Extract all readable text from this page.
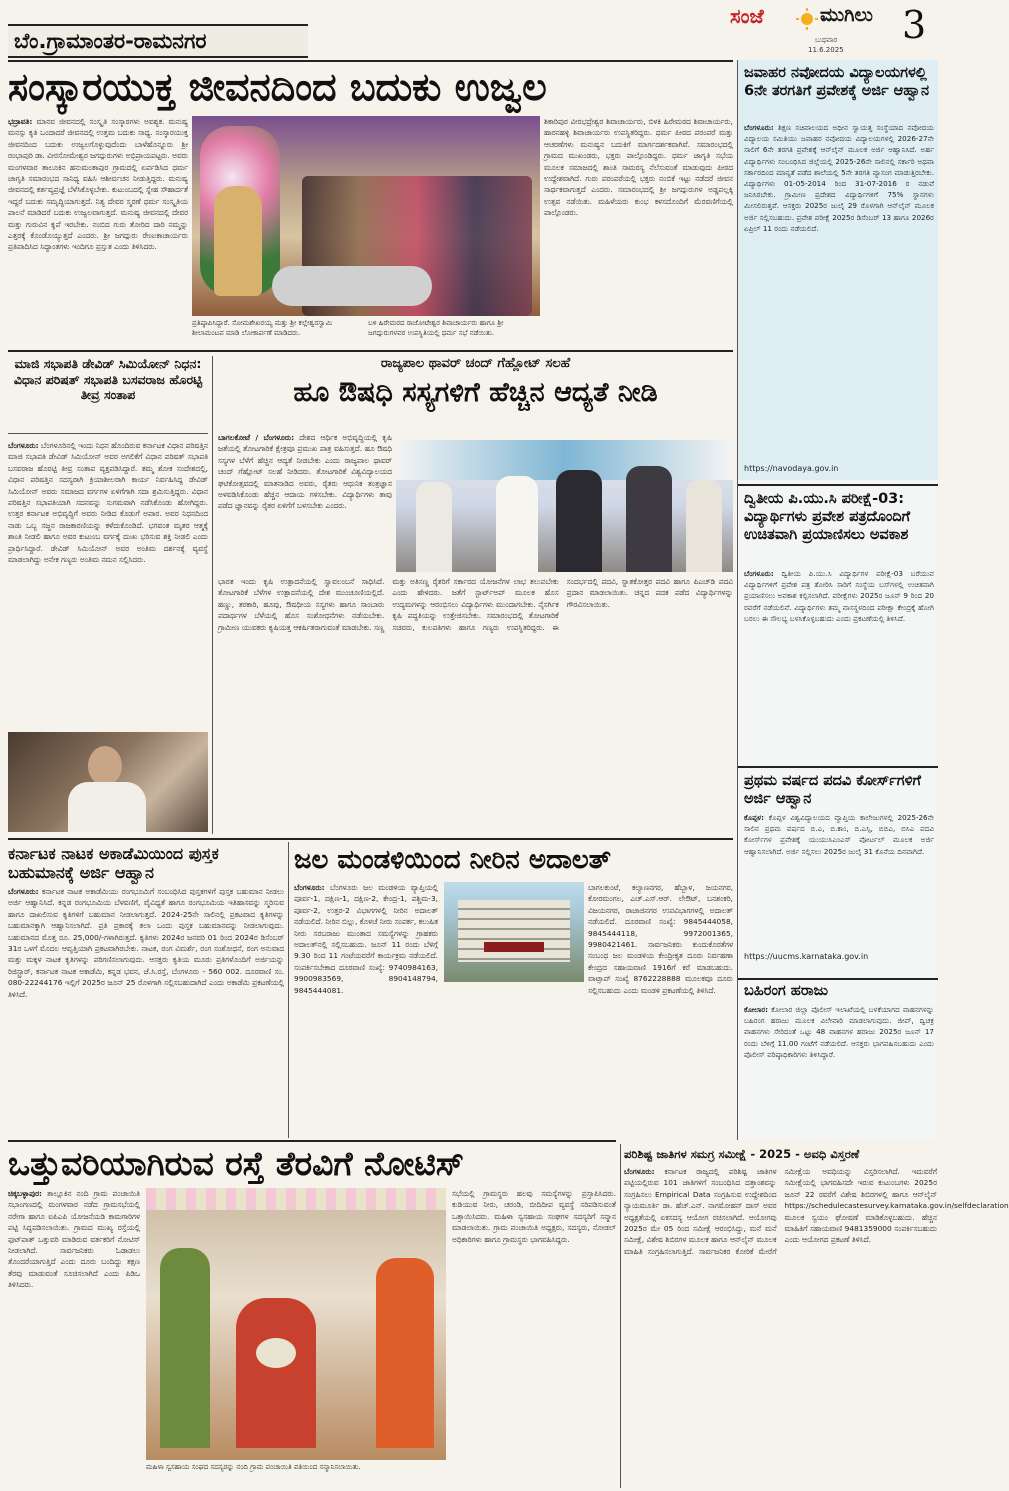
ಬೆಂ.ಗ್ರಾಮಾಂತರ-ರಾಮನಗರ
ಸಂಜೆ	ಮುಗಿಲು
ಬುಧವಾರ
11.6.2025
3
ಸಂಸ್ಕಾರಯುಕ್ತ ಜೀವನದಿಂದ ಬದುಕು ಉಜ್ವಲ
ಭದ್ರಾವತಿ: ಮಾನವ ಜೀವನದಲ್ಲಿ ಸಂಸ್ಕೃತಿ ಸಂಸ್ಕಾರಗಳು ಅವಶ್ಯಕ. ಮನುಷ್ಯ ಮನಸ್ಸು ಕೃತಿ ಒಂದಾದರೆ ಜೀವನದಲ್ಲಿ ಉತ್ತಮ ಬದುಕು ಸಾಧ್ಯ. ಸಂಸ್ಕಾರಯುಕ್ತ ಜೀವನದಿಂದ ಬದುಕು ಉಜ್ವಲಗೊಳ್ಳುವುದೆಂದು ಬಾಳೆಹೊನ್ನೂರು ಶ್ರೀ ರಂಭಾಪುರಿ ಡಾ. ವೀರಸೋಮೇಶ್ವರ ಜಗದ್ಗುರುಗಳು ಅಭಿಪ್ರಾಯಪಟ್ಟರು. ಅವರು ಮಂಗಳವಾರ ತಾಲೂಕಿನ ಹನುಮಂತಾಪುರ ಗ್ರಾಮದಲ್ಲಿ ಏರ್ಪಡಿಸಿದ ಧರ್ಮ ಜಾಗೃತಿ ಸಮಾರಂಭದ ಸಾನಿಧ್ಯ ವಹಿಸಿ ಆಶೀರ್ವಚನ ನೀಡುತ್ತಿದ್ದರು. ಮನುಷ್ಯ ಜೀವನದಲ್ಲಿ ಕರ್ತವ್ಯಪ್ರಜ್ಞೆ ಬೆಳೆಸಿಕೊಳ್ಳಬೇಕು. ಕುಟುಂಬದಲ್ಲಿ ಸ್ನೇಹ ಸೌಹಾರ್ದತೆ ಇದ್ದರೆ ಬದುಕು ಸಮೃದ್ಧಿಯಾಗುತ್ತದೆ. ನಿತ್ಯ ದೇವರ ಸ್ಮರಣೆ ಧರ್ಮ ಸಂಸ್ಕೃತಿಯ ಪಾಲನೆ ಮಾಡಿದರೆ ಬದುಕು ಉಜ್ವಲವಾಗುತ್ತದೆ. ಮನುಷ್ಯ ಜೀವನದಲ್ಲಿ ದೇವರ ಮತ್ತು ಗುರುವಿನ ಕೃಪೆ ಇರಬೇಕು. ನಂಬಿದ ಗುರು ತೋರಿದ ದಾರಿ ನಮ್ಮನ್ನು ಎತ್ತರಕ್ಕೆ ಕೊಂಡೊಯ್ಯುತ್ತದೆ ಎಂದರು. ಶ್ರೀ ಜಗದ್ಗುರು ರೇಣುಕಾಚಾರ್ಯರು ಪ್ರತಿಪಾದಿಸಿದ ಸಿದ್ಧಾಂತಗಳು ಇಂದಿಗೂ ಪ್ರಸ್ತುತ ಎಂದು ತಿಳಿಸಿದರು.
ಪ್ರತಿಷ್ಠಾಪಿಸಿದ್ದಾರೆ. ಸೋಮಶೇಖರಯ್ಯ ಮತ್ತು ಶ್ರೀ ಕಲ್ಲೇಶ್ವರಸ್ವಾಮಿ ಶೀಲಾಮಂಟಪ ಮಾಡಿ ಲೋಕಾರ್ಪಣೆ ಮಾಡಿದರು.
ಬಳಿ ಹಿರೇಮಠದ ರಾಜೋಟೇಶ್ವರ ಶಿವಾಚಾರ್ಯರು ಹಾಗೂ ಶ್ರೀ ಜಗದ್ಗುರುಗಳವರ ಉಪಸ್ಥಿತಿಯಲ್ಲಿ ಧರ್ಮ ಸಭೆ ನಡೆಯಿತು.
ಶಿಕಾರಿಪುರ ವೀರಭದ್ರೇಶ್ವರ ಶಿವಾಚಾರ್ಯರು, ಬಿಳಕಿ ಹಿರೇಮಠದ ಶಿವಾಚಾರ್ಯರು, ಹಾರನಹಳ್ಳಿ ಶಿವಾಚಾರ್ಯರು ಉಪಸ್ಥಿತರಿದ್ದರು. ಧರ್ಮ ಪೀಠದ ಪರಂಪರೆ ಮತ್ತು ಆಚರಣೆಗಳು ಮನುಷ್ಯನ ಬದುಕಿಗೆ ಮಾರ್ಗದರ್ಶಕವಾಗಿವೆ. ಸಮಾರಂಭದಲ್ಲಿ ಗ್ರಾಮದ ಮುಖಂಡರು, ಭಕ್ತರು ಪಾಲ್ಗೊಂಡಿದ್ದರು. ಧರ್ಮ ಜಾಗೃತಿ ಸಭೆಯ ಮೂಲಕ ಸಮಾಜದಲ್ಲಿ ಶಾಂತಿ ಸಾಮರಸ್ಯ ನೆಲೆಸುವಂತೆ ಮಾಡುವುದು ಪೀಠದ ಉದ್ದೇಶವಾಗಿದೆ. ಗುರು ಪರಂಪರೆಯಲ್ಲಿ ಭಕ್ತರು ನಂಬಿಕೆ ಇಟ್ಟು ನಡೆದರೆ ಜೀವನ ಸಾರ್ಥಕವಾಗುತ್ತದೆ ಎಂದರು. ಸಮಾರಂಭದಲ್ಲಿ ಶ್ರೀ ಜಗದ್ಗುರುಗಳ ಅಡ್ಡಪಲ್ಲಕ್ಕಿ ಉತ್ಸವ ನಡೆಯಿತು. ಮಹಿಳೆಯರು ಕುಂಭ ಕಳಸದೊಂದಿಗೆ ಮೆರವಣಿಗೆಯಲ್ಲಿ ಪಾಲ್ಗೊಂಡರು.
ಮಾಜಿ ಸಭಾಪತಿ ಡೇವಿಡ್ ಸಿಮಿಯೋನ್ ನಿಧನ: ವಿಧಾನ ಪರಿಷತ್ ಸಭಾಪತಿ ಬಸವರಾಜ ಹೊರಟ್ಟಿ ತೀವ್ರ ಸಂತಾಪ
ಬೆಂಗಳೂರು: ಬೆಂಗಳೂರಿನಲ್ಲಿ ಇಂದು ನಿಧನ ಹೊಂದಿರುವ ಕರ್ನಾಟಕ ವಿಧಾನ ಪರಿಷತ್ತಿನ ಮಾಜಿ ಸಭಾಪತಿ ಡೇವಿಡ್ ಸಿಮಿಯೋನ್ ಅವರ ಅಗಲಿಕೆಗೆ ವಿಧಾನ ಪರಿಷತ್ ಸಭಾಪತಿ ಬಸವರಾಜ ಹೊರಟ್ಟಿ ತೀವ್ರ ಸಂತಾಪ ವ್ಯಕ್ತಪಡಿಸಿದ್ದಾರೆ. ತಮ್ಮ ಶೋಕ ಸಂದೇಶದಲ್ಲಿ, ವಿಧಾನ ಪರಿಷತ್ತಿನ ಸದಸ್ಯರಾಗಿ ಕ್ರಿಯಾಶೀಲರಾಗಿ ಕಾರ್ಯ ನಿರ್ವಹಿಸಿದ್ದ ಡೇವಿಡ್ ಸಿಮಿಯೋನ್ ಅವರು ಸಮಾಜದ ವರ್ಗಗಳ ಏಳಿಗೆಗಾಗಿ ಸದಾ ಶ್ರಮಿಸುತ್ತಿದ್ದರು. ವಿಧಾನ ಪರಿಷತ್ತಿನ ಸಭಾಪತಿಯಾಗಿ ಸದನವನ್ನು ಸುಗಮವಾಗಿ ನಡೆಸಿಕೊಂಡು ಹೋಗಿದ್ದರು. ಉತ್ತರ ಕರ್ನಾಟಕ ಅಭಿವೃದ್ಧಿಗೆ ಅವರು ನೀಡಿದ ಕೊಡುಗೆ ಅಪಾರ. ಅವರ ನಿಧನದಿಂದ ನಾಡು ಒಬ್ಬ ಸಜ್ಜನ ರಾಜಕಾರಣಿಯನ್ನು ಕಳೆದುಕೊಂಡಿದೆ. ಭಗವಂತ ಮೃತರ ಆತ್ಮಕ್ಕೆ ಶಾಂತಿ ನೀಡಲಿ ಹಾಗೂ ಅವರ ಕುಟುಂಬ ವರ್ಗಕ್ಕೆ ದುಃಖ ಭರಿಸುವ ಶಕ್ತಿ ನೀಡಲಿ ಎಂದು ಪ್ರಾರ್ಥಿಸಿದ್ದಾರೆ. ಡೇವಿಡ್ ಸಿಮಿಯೋನ್ ಅವರ ಅಂತಿಮ ದರ್ಶನಕ್ಕೆ ವ್ಯವಸ್ಥೆ ಮಾಡಲಾಗಿದ್ದು ಅನೇಕ ಗಣ್ಯರು ಅಂತಿಮ ನಮನ ಸಲ್ಲಿಸಿದರು.
ರಾಜ್ಯಪಾಲ ಥಾವರ್ ಚಂದ್ ಗೆಹ್ಲೋಟ್ ಸಲಹೆ
ಹೂ ಔಷಧಿ ಸಸ್ಯಗಳಿಗೆ ಹೆಚ್ಚಿನ ಆದ್ಯತೆ ನೀಡಿ
ಬಾಗಲಕೋಟೆ / ಬೆಂಗಳೂರು: ದೇಶದ ಆರ್ಥಿಕ ಅಭಿವೃದ್ಧಿಯಲ್ಲಿ ಕೃಷಿ ಜತೆಯಲ್ಲಿ ತೋಟಗಾರಿಕೆ ಕ್ಷೇತ್ರವೂ ಪ್ರಮುಖ ಪಾತ್ರ ವಹಿಸುತ್ತದೆ. ಹೂ ಔಷಧಿ ಸಸ್ಯಗಳ ಬೆಳೆಗೆ ಹೆಚ್ಚಿನ ಆದ್ಯತೆ ನೀಡಬೇಕು ಎಂದು ರಾಜ್ಯಪಾಲ ಥಾವರ್ ಚಂದ್ ಗೆಹ್ಲೋಟ್ ಸಲಹೆ ನೀಡಿದರು. ತೋಟಗಾರಿಕೆ ವಿಶ್ವವಿದ್ಯಾಲಯದ ಘಟಿಕೋತ್ಸವದಲ್ಲಿ ಮಾತನಾಡಿದ ಅವರು, ರೈತರು ಆಧುನಿಕ ತಂತ್ರಜ್ಞಾನ ಅಳವಡಿಸಿಕೊಂಡು ಹೆಚ್ಚಿನ ಆದಾಯ ಗಳಿಸಬೇಕು. ವಿದ್ಯಾರ್ಥಿಗಳು ತಾವು ಪಡೆದ ಜ್ಞಾನವನ್ನು ರೈತರ ಏಳಿಗೆಗೆ ಬಳಸಬೇಕು ಎಂದರು.
ಭಾರತ ಇಂದು ಕೃಷಿ ಉತ್ಪಾದನೆಯಲ್ಲಿ ಸ್ವಾವಲಂಬನೆ ಸಾಧಿಸಿದೆ. ತೋಟಗಾರಿಕೆ ಬೆಳೆಗಳ ಉತ್ಪಾದನೆಯಲ್ಲಿ ದೇಶ ಮುಂಚೂಣಿಯಲ್ಲಿದೆ. ಹಣ್ಣು, ತರಕಾರಿ, ಹೂವು, ಔಷಧೀಯ ಸಸ್ಯಗಳು ಹಾಗೂ ಸಾಂಬಾರು ಪದಾರ್ಥಗಳ ಬೆಳೆಯಲ್ಲಿ ಹೊಸ ಸಂಶೋಧನೆಗಳು ನಡೆಯಬೇಕು. ಗ್ರಾಮೀಣ ಯುವಕರು ಕೃಷಿಯತ್ತ ಆಕರ್ಷಿತರಾಗುವಂತೆ ಮಾಡಬೇಕು. ಸಣ್ಣ ಮತ್ತು ಅತಿಸಣ್ಣ ರೈತರಿಗೆ ಸರ್ಕಾರದ ಯೋಜನೆಗಳ ಲಾಭ ತಲುಪಬೇಕು ಎಂದು ಹೇಳಿದರು. ಜತೆಗೆ ಸ್ಟಾರ್ಟ್‌ಅಪ್ ಮೂಲಕ ಹೊಸ ಉದ್ಯಮಗಳನ್ನು ಆರಂಭಿಸಲು ವಿದ್ಯಾರ್ಥಿಗಳು ಮುಂದಾಗಬೇಕು. ನೈಸರ್ಗಿಕ ಕೃಷಿ ಪದ್ಧತಿಯನ್ನು ಉತ್ತೇಜಿಸಬೇಕು. ಸಮಾರಂಭದಲ್ಲಿ ತೋಟಗಾರಿಕೆ ಸಚಿವರು, ಕುಲಪತಿಗಳು ಹಾಗೂ ಗಣ್ಯರು ಉಪಸ್ಥಿತರಿದ್ದರು. ಈ ಸಂದರ್ಭದಲ್ಲಿ ಪದವಿ, ಸ್ನಾತಕೋತ್ತರ ಪದವಿ ಹಾಗೂ ಪಿಎಚ್‌ಡಿ ಪದವಿ ಪ್ರದಾನ ಮಾಡಲಾಯಿತು. ಚಿನ್ನದ ಪದಕ ಪಡೆದ ವಿದ್ಯಾರ್ಥಿಗಳನ್ನು ಗೌರವಿಸಲಾಯಿತು.
ಕರ್ನಾಟಕ ನಾಟಕ ಅಕಾಡೆಮಿಯಿಂದ ಪುಸ್ತಕ ಬಹುಮಾನಕ್ಕೆ ಅರ್ಜಿ ಆಹ್ವಾನ
ಬೆಂಗಳೂರು: ಕರ್ನಾಟಕ ನಾಟಕ ಅಕಾಡೆಮಿಯು ರಂಗಭೂಮಿಗೆ ಸಂಬಂಧಿಸಿದ ಪುಸ್ತಕಗಳಿಗೆ ಪುಸ್ತಕ ಬಹುಮಾನ ನೀಡಲು ಅರ್ಜಿ ಆಹ್ವಾನಿಸಿದೆ. ಕನ್ನಡ ರಂಗಭೂಮಿಯ ಬೆಳವಣಿಗೆ, ವೈವಿಧ್ಯತೆ ಹಾಗೂ ರಂಗಭೂಮಿಯ ಇತಿಹಾಸವನ್ನು ಸ್ಮರಿಸುವ ಹಾಗೂ ದಾಖಲಿಸುವ ಕೃತಿಗಳಿಗೆ ಬಹುಮಾನ ನೀಡಲಾಗುತ್ತದೆ. 2024-25ನೇ ಸಾಲಿನಲ್ಲಿ ಪ್ರಕಟವಾದ ಕೃತಿಗಳನ್ನು ಬಹುಮಾನಕ್ಕಾಗಿ ಆಹ್ವಾನಿಸಲಾಗಿದೆ. ಪ್ರತಿ ಪ್ರಕಾರಕ್ಕೆ ತಲಾ ಒಂದು ಪುಸ್ತಕ ಬಹುಮಾನವನ್ನು ನೀಡಲಾಗುವುದು. ಬಹುಮಾನದ ಮೊತ್ತ ರೂ. 25,000/-ಗಳಾಗಿರುತ್ತದೆ. ಕೃತಿಗಳು 2024ರ ಜನವರಿ 01 ರಿಂದ 2024ರ ಡಿಸೆಂಬರ್ 31ರ ಒಳಗೆ ಮೊದಲ ಆವೃತ್ತಿಯಾಗಿ ಪ್ರಕಟವಾಗಿರಬೇಕು. ನಾಟಕ, ರಂಗ ವಿಮರ್ಶೆ, ರಂಗ ಸಂಶೋಧನೆ, ರಂಗ ಅನುವಾದ ಮತ್ತು ಮಕ್ಕಳ ನಾಟಕ ಕೃತಿಗಳನ್ನು ಪರಿಗಣಿಸಲಾಗುವುದು. ಆಸಕ್ತರು ಕೃತಿಯ ಮೂರು ಪ್ರತಿಗಳೊಂದಿಗೆ ಅರ್ಜಿಯನ್ನು ರಿಜಿಸ್ಟ್ರಾರ್, ಕರ್ನಾಟಕ ನಾಟಕ ಅಕಾಡೆಮಿ, ಕನ್ನಡ ಭವನ, ಜೆ.ಸಿ.ರಸ್ತೆ, ಬೆಂಗಳೂರು - 560 002. ದೂರವಾಣಿ ಸಂ. 080-22244176 ಇಲ್ಲಿಗೆ 2025ರ ಜೂನ್ 25 ರೊಳಗಾಗಿ ಸಲ್ಲಿಸಬಹುದಾಗಿದೆ ಎಂದು ಅಕಾಡೆಮಿ ಪ್ರಕಟಣೆಯಲ್ಲಿ ತಿಳಿಸಿದೆ.
ಜಲ ಮಂಡಳಿಯಿಂದ ನೀರಿನ ಅದಾಲತ್
ಬೆಂಗಳೂರು: ಬೆಂಗಳೂರು ಜಲ ಮಂಡಳಿಯ ವ್ಯಾಪ್ತಿಯಲ್ಲಿ ಪೂರ್ವ-1, ದಕ್ಷಿಣ-1, ದಕ್ಷಿಣ-2, ಕೇಂದ್ರ-1, ಪಶ್ಚಿಮ-3, ಪೂರ್ವ-2, ಉತ್ತರ-2 ವಿಭಾಗಗಳಲ್ಲಿ ನೀರಿನ ಅದಾಲತ್ ನಡೆಯಲಿದೆ. ನೀರಿನ ಬಿಲ್ಲು, ಕೊಳಚೆ ನೀರು ಸಂಪರ್ಕ, ಕಲುಷಿತ ನೀರು ಸರಬರಾಜು ಮುಂತಾದ ಸಮಸ್ಯೆಗಳನ್ನು ಗ್ರಾಹಕರು ಅದಾಲತ್‌ನಲ್ಲಿ ಸಲ್ಲಿಸಬಹುದು. ಜೂನ್ 11 ರಂದು ಬೆಳಿಗ್ಗೆ 9.30 ರಿಂದ 11 ಗಂಟೆಯವರೆಗೆ ಕಾರ್ಯಕ್ರಮ ನಡೆಯಲಿದೆ. ಸಂಪರ್ಕಿಸಬೇಕಾದ ದೂರವಾಣಿ ಸಂಖ್ಯೆ: 9740984163, 9900983569, 8904148794, 9845444081.
ಬಾಗಲಕುಂಟೆ, ಕಲ್ಯಾಣನಗರ, ಹೆಬ್ಬಾಳ, ಜಯನಗರ, ಕೋರಮಂಗಲ, ಎಚ್.ಎಸ್.ಆರ್. ಲೇಔಟ್, ಬನಶಂಕರಿ, ವಿಜಯನಗರ, ರಾಜಾಜಿನಗರ ಉಪವಿಭಾಗಗಳಲ್ಲಿ ಅದಾಲತ್ ನಡೆಯಲಿದೆ. ದೂರವಾಣಿ ಸಂಖ್ಯೆ: 9845444058, 9845444118, 9972001365, 9980421461. ಸಾರ್ವಜನಿಕರು ಕುಂದುಕೊರತೆಗಳ ಸಂಬಂಧ ಜಲ ಮಂಡಳಿಯ ಕೇಂದ್ರೀಕೃತ ದೂರು ನಿರ್ವಹಣಾ ಕೇಂದ್ರದ ಸಹಾಯವಾಣಿ 1916ಗೆ ಕರೆ ಮಾಡಬಹುದು. ವಾಟ್ಸಾಪ್ ಸಂಖ್ಯೆ 8762228888 ಮೂಲಕವೂ ದೂರು ಸಲ್ಲಿಸಬಹುದು ಎಂದು ಮಂಡಳಿ ಪ್ರಕಟಣೆಯಲ್ಲಿ ತಿಳಿಸಿದೆ.
ಒತ್ತುವರಿಯಾಗಿರುವ ರಸ್ತೆ ತೆರವಿಗೆ ನೋಟಿಸ್
ಚಿಕ್ಕಬಳ್ಳಾಪುರ: ತಾಲ್ಲೂಕಿನ ನಂದಿ ಗ್ರಾಮ ಪಂಚಾಯಿತಿ ಸಭಾಂಗಣದಲ್ಲಿ ಮಂಗಳವಾರ ನಡೆದ ಗ್ರಾಮಸಭೆಯಲ್ಲಿ ನರೇಗಾ ಹಾಗೂ ಐಪಿಎಪಿ ಯೋಜನೆಯಡಿ ಕಾಮಗಾರಿಗಳ ಪಟ್ಟಿ ಸಿದ್ಧಪಡಿಸಲಾಯಿತು. ಗ್ರಾಮದ ಮುಖ್ಯ ರಸ್ತೆಯಲ್ಲಿ ಫುಟ್‌ಪಾತ್ ಒತ್ತುವರಿ ಮಾಡಿರುವ ವರ್ತಕರಿಗೆ ನೋಟಿಸ್ ನೀಡಲಾಗಿದೆ. ಸಾರ್ವಜನಿಕರು ಓಡಾಡಲು ತೊಂದರೆಯಾಗುತ್ತಿದೆ ಎಂದು ದೂರು ಬಂದಿದ್ದು ತಕ್ಷಣ ತೆರವು ಮಾಡುವಂತೆ ಸೂಚಿಸಲಾಗಿದೆ ಎಂದು ಪಿಡಿಒ ತಿಳಿಸಿದರು.
ಮಹಿಳಾ ಸ್ವಸಹಾಯ ಸಂಘದ ಸದಸ್ಯರನ್ನು ನಂದಿ ಗ್ರಾಮ ಪಂಚಾಯಿತಿ ವತಿಯಿಂದ ಸನ್ಮಾನಿಸಲಾಯಿತು.
ಸಭೆಯಲ್ಲಿ ಗ್ರಾಮಸ್ಥರು ಹಲವು ಸಮಸ್ಯೆಗಳನ್ನು ಪ್ರಸ್ತಾಪಿಸಿದರು. ಕುಡಿಯುವ ನೀರು, ಚರಂಡಿ, ಬೀದಿದೀಪ ವ್ಯವಸ್ಥೆ ಸರಿಪಡಿಸುವಂತೆ ಒತ್ತಾಯಿಸಿದರು. ಮಹಿಳಾ ಸ್ವಸಹಾಯ ಸಂಘಗಳ ಸದಸ್ಯರಿಗೆ ಸನ್ಮಾನ ಮಾಡಲಾಯಿತು. ಗ್ರಾಮ ಪಂಚಾಯಿತಿ ಅಧ್ಯಕ್ಷರು, ಸದಸ್ಯರು, ನೋಡಲ್ ಅಧಿಕಾರಿಗಳು ಹಾಗೂ ಗ್ರಾಮಸ್ಥರು ಭಾಗವಹಿಸಿದ್ದರು.
ಪರಿಶಿಷ್ಟ ಜಾತಿಗಳ ಸಮಗ್ರ ಸಮೀಕ್ಷೆ - 2025 - ಅವಧಿ ವಿಸ್ತರಣೆ
ಬೆಂಗಳೂರು: ಕರ್ನಾಟಕ ರಾಜ್ಯದಲ್ಲಿ ಪರಿಶಿಷ್ಟ ಜಾತಿಗಳ ಪಟ್ಟಿಯಲ್ಲಿರುವ 101 ಜಾತಿಗಳಿಗೆ ಸಂಬಂಧಿಸಿದ ದತ್ತಾಂಶವನ್ನು ಸಂಗ್ರಹಿಸಲು Empirical Data ಸಂಗ್ರಹಿಸುವ ಉದ್ದೇಶದಿಂದ ನ್ಯಾಯಮೂರ್ತಿ ಡಾ. ಹೆಚ್.ಎನ್. ನಾಗಮೋಹನ್ ದಾಸ್ ಅವರ ಅಧ್ಯಕ್ಷತೆಯಲ್ಲಿ ಏಕಸದಸ್ಯ ಆಯೋಗ ರಚಿಸಲಾಗಿದೆ. ಆಯೋಗವು 2025ರ ಮೇ 05 ರಿಂದ ಸಮೀಕ್ಷೆ ಆರಂಭಿಸಿದ್ದು, ಮನೆ ಮನೆ ಸಮೀಕ್ಷೆ, ವಿಶೇಷ ಶಿಬಿರಗಳ ಮೂಲಕ ಹಾಗೂ ಆನ್‌ಲೈನ್ ಮೂಲಕ ಮಾಹಿತಿ ಸಂಗ್ರಹಿಸಲಾಗುತ್ತಿದೆ. ಸಾರ್ವಜನಿಕರ ಕೋರಿಕೆ ಮೇರೆಗೆ ಸಮೀಕ್ಷೆಯ ಅವಧಿಯನ್ನು ವಿಸ್ತರಿಸಲಾಗಿದೆ. ಇದುವರೆಗೆ ಸಮೀಕ್ಷೆಯಲ್ಲಿ ಭಾಗವಹಿಸದೇ ಇರುವ ಕುಟುಂಬಗಳು 2025ರ ಜೂನ್ 22 ರವರೆಗೆ ವಿಶೇಷ ಶಿಬಿರಗಳಲ್ಲಿ ಹಾಗೂ ಆನ್‌ಲೈನ್ https://schedulecastesurvey.karnataka.gov.in/selfdeclaration ಮೂಲಕ ಸ್ವಯಂ ಘೋಷಣೆ ಮಾಡಿಕೊಳ್ಳಬಹುದು. ಹೆಚ್ಚಿನ ಮಾಹಿತಿಗೆ ಸಹಾಯವಾಣಿ 9481359000 ಸಂಪರ್ಕಿಸಬಹುದು ಎಂದು ಆಯೋಗದ ಪ್ರಕಟಣೆ ತಿಳಿಸಿದೆ.
ಜವಾಹರ ನವೋದಯ ವಿದ್ಯಾಲಯಗಳಲ್ಲಿ 6ನೇ ತರಗತಿಗೆ ಪ್ರವೇಶಕ್ಕೆ ಅರ್ಜಿ ಆಹ್ವಾನ
ಬೆಂಗಳೂರು: ಶಿಕ್ಷಣ ಸಚಿವಾಲಯದ ಅಧೀನ ಸ್ವಾಯತ್ತ ಸಂಸ್ಥೆಯಾದ ನವೋದಯ ವಿದ್ಯಾಲಯ ಸಮಿತಿಯು ಜವಾಹರ ನವೋದಯ ವಿದ್ಯಾಲಯಗಳಲ್ಲಿ 2026-27ನೇ ಸಾಲಿಗೆ 6ನೇ ತರಗತಿ ಪ್ರವೇಶಕ್ಕೆ ಆನ್‌ಲೈನ್ ಮೂಲಕ ಅರ್ಜಿ ಆಹ್ವಾನಿಸಿದೆ. ಅರ್ಹ ವಿದ್ಯಾರ್ಥಿಗಳು ಸಂಬಂಧಿಸಿದ ಜಿಲ್ಲೆಯಲ್ಲಿ 2025-26ನೇ ಸಾಲಿನಲ್ಲಿ ಸರ್ಕಾರಿ ಅಥವಾ ಸರ್ಕಾರದಿಂದ ಮಾನ್ಯತೆ ಪಡೆದ ಶಾಲೆಯಲ್ಲಿ 5ನೇ ತರಗತಿ ವ್ಯಾಸಂಗ ಮಾಡುತ್ತಿರಬೇಕು. ವಿದ್ಯಾರ್ಥಿಗಳು 01-05-2014 ರಿಂದ 31-07-2016 ರ ನಡುವೆ ಜನಿಸಿರಬೇಕು. ಗ್ರಾಮೀಣ ಪ್ರದೇಶದ ವಿದ್ಯಾರ್ಥಿಗಳಿಗೆ 75% ಸ್ಥಾನಗಳು ಮೀಸಲಿರುತ್ತವೆ. ಆಸಕ್ತರು 2025ರ ಜುಲೈ 29 ರೊಳಗಾಗಿ ಆನ್‌ಲೈನ್ ಮೂಲಕ ಅರ್ಜಿ ಸಲ್ಲಿಸಬಹುದು. ಪ್ರವೇಶ ಪರೀಕ್ಷೆ 2025ರ ಡಿಸೆಂಬರ್ 13 ಹಾಗೂ 2026ರ ಏಪ್ರಿಲ್ 11 ರಂದು ನಡೆಯಲಿದೆ.
https://navodaya.gov.in
ದ್ವಿತೀಯ ಪಿ.ಯು.ಸಿ ಪರೀಕ್ಷೆ-03: ವಿದ್ಯಾರ್ಥಿಗಳು ಪ್ರವೇಶ ಪತ್ರದೊಂದಿಗೆ ಉಚಿತವಾಗಿ ಪ್ರಯಾಣಿಸಲು ಅವಕಾಶ
ಬೆಂಗಳೂರು: ದ್ವಿತೀಯ ಪಿ.ಯು.ಸಿ ವಿದ್ಯಾರ್ಥಿಗಳ ಪರೀಕ್ಷೆ-03 ಬರೆಯುವ ವಿದ್ಯಾರ್ಥಿಗಳಿಗೆ ಪ್ರವೇಶ ಪತ್ರ ತೋರಿಸಿ ಸಾರಿಗೆ ಸಂಸ್ಥೆಯ ಬಸ್‌ಗಳಲ್ಲಿ ಉಚಿತವಾಗಿ ಪ್ರಯಾಣಿಸಲು ಅವಕಾಶ ಕಲ್ಪಿಸಲಾಗಿದೆ. ಪರೀಕ್ಷೆಗಳು 2025ರ ಜೂನ್ 9 ರಿಂದ 20 ರವರೆಗೆ ನಡೆಯಲಿವೆ. ವಿದ್ಯಾರ್ಥಿಗಳು ತಮ್ಮ ವಾಸಸ್ಥಳದಿಂದ ಪರೀಕ್ಷಾ ಕೇಂದ್ರಕ್ಕೆ ಹೋಗಿ ಬರಲು ಈ ಸೌಲಭ್ಯ ಬಳಸಿಕೊಳ್ಳಬಹುದು ಎಂದು ಪ್ರಕಟಣೆಯಲ್ಲಿ ತಿಳಿಸಿದೆ.
ಪ್ರಥಮ ವರ್ಷದ ಪದವಿ ಕೋರ್ಸ್‌ಗಳಿಗೆ ಅರ್ಜಿ ಆಹ್ವಾನ
ಕೊಪ್ಪಳ: ಕೊಪ್ಪಳ ವಿಶ್ವವಿದ್ಯಾಲಯದ ವ್ಯಾಪ್ತಿಯ ಕಾಲೇಜುಗಳಲ್ಲಿ 2025-26ನೇ ಸಾಲಿನ ಪ್ರಥಮ ವರ್ಷದ ಬಿ.ಎ, ಬಿ.ಕಾಂ, ಬಿ.ಎಸ್ಸಿ, ಬಿಬಿಎ, ಬಿಸಿಎ ಪದವಿ ಕೋರ್ಸ್‌ಗಳ ಪ್ರವೇಶಕ್ಕೆ ಯುಯುಸಿಎಂಎಸ್ ಪೋರ್ಟಲ್ ಮೂಲಕ ಅರ್ಜಿ ಆಹ್ವಾನಿಸಲಾಗಿದೆ. ಅರ್ಜಿ ಸಲ್ಲಿಸಲು 2025ರ ಜುಲೈ 31 ಕೊನೆಯ ದಿನವಾಗಿದೆ.
https://uucms.karnataka.gov.in
ಬಹಿರಂಗ ಹರಾಜು
ಕೋಲಾರ: ಕೋಲಾರ ಜಿಲ್ಲಾ ಪೊಲೀಸ್ ಇಲಾಖೆಯಲ್ಲಿ ಬಳಕೆಯಾಗದ ವಾಹನಗಳನ್ನು ಬಹಿರಂಗ ಹರಾಜು ಮೂಲಕ ವಿಲೇವಾರಿ ಮಾಡಲಾಗುವುದು. ಜೀಪ್, ದ್ವಿಚಕ್ರ ವಾಹನಗಳು ಸೇರಿದಂತೆ ಒಟ್ಟು 48 ವಾಹನಗಳ ಹರಾಜು 2025ರ ಜೂನ್ 17 ರಂದು ಬೆಳಿಗ್ಗೆ 11.00 ಗಂಟೆಗೆ ನಡೆಯಲಿದೆ. ಆಸಕ್ತರು ಭಾಗವಹಿಸಬಹುದು ಎಂದು ಪೊಲೀಸ್ ವರಿಷ್ಠಾಧಿಕಾರಿಗಳು ತಿಳಿಸಿದ್ದಾರೆ.
